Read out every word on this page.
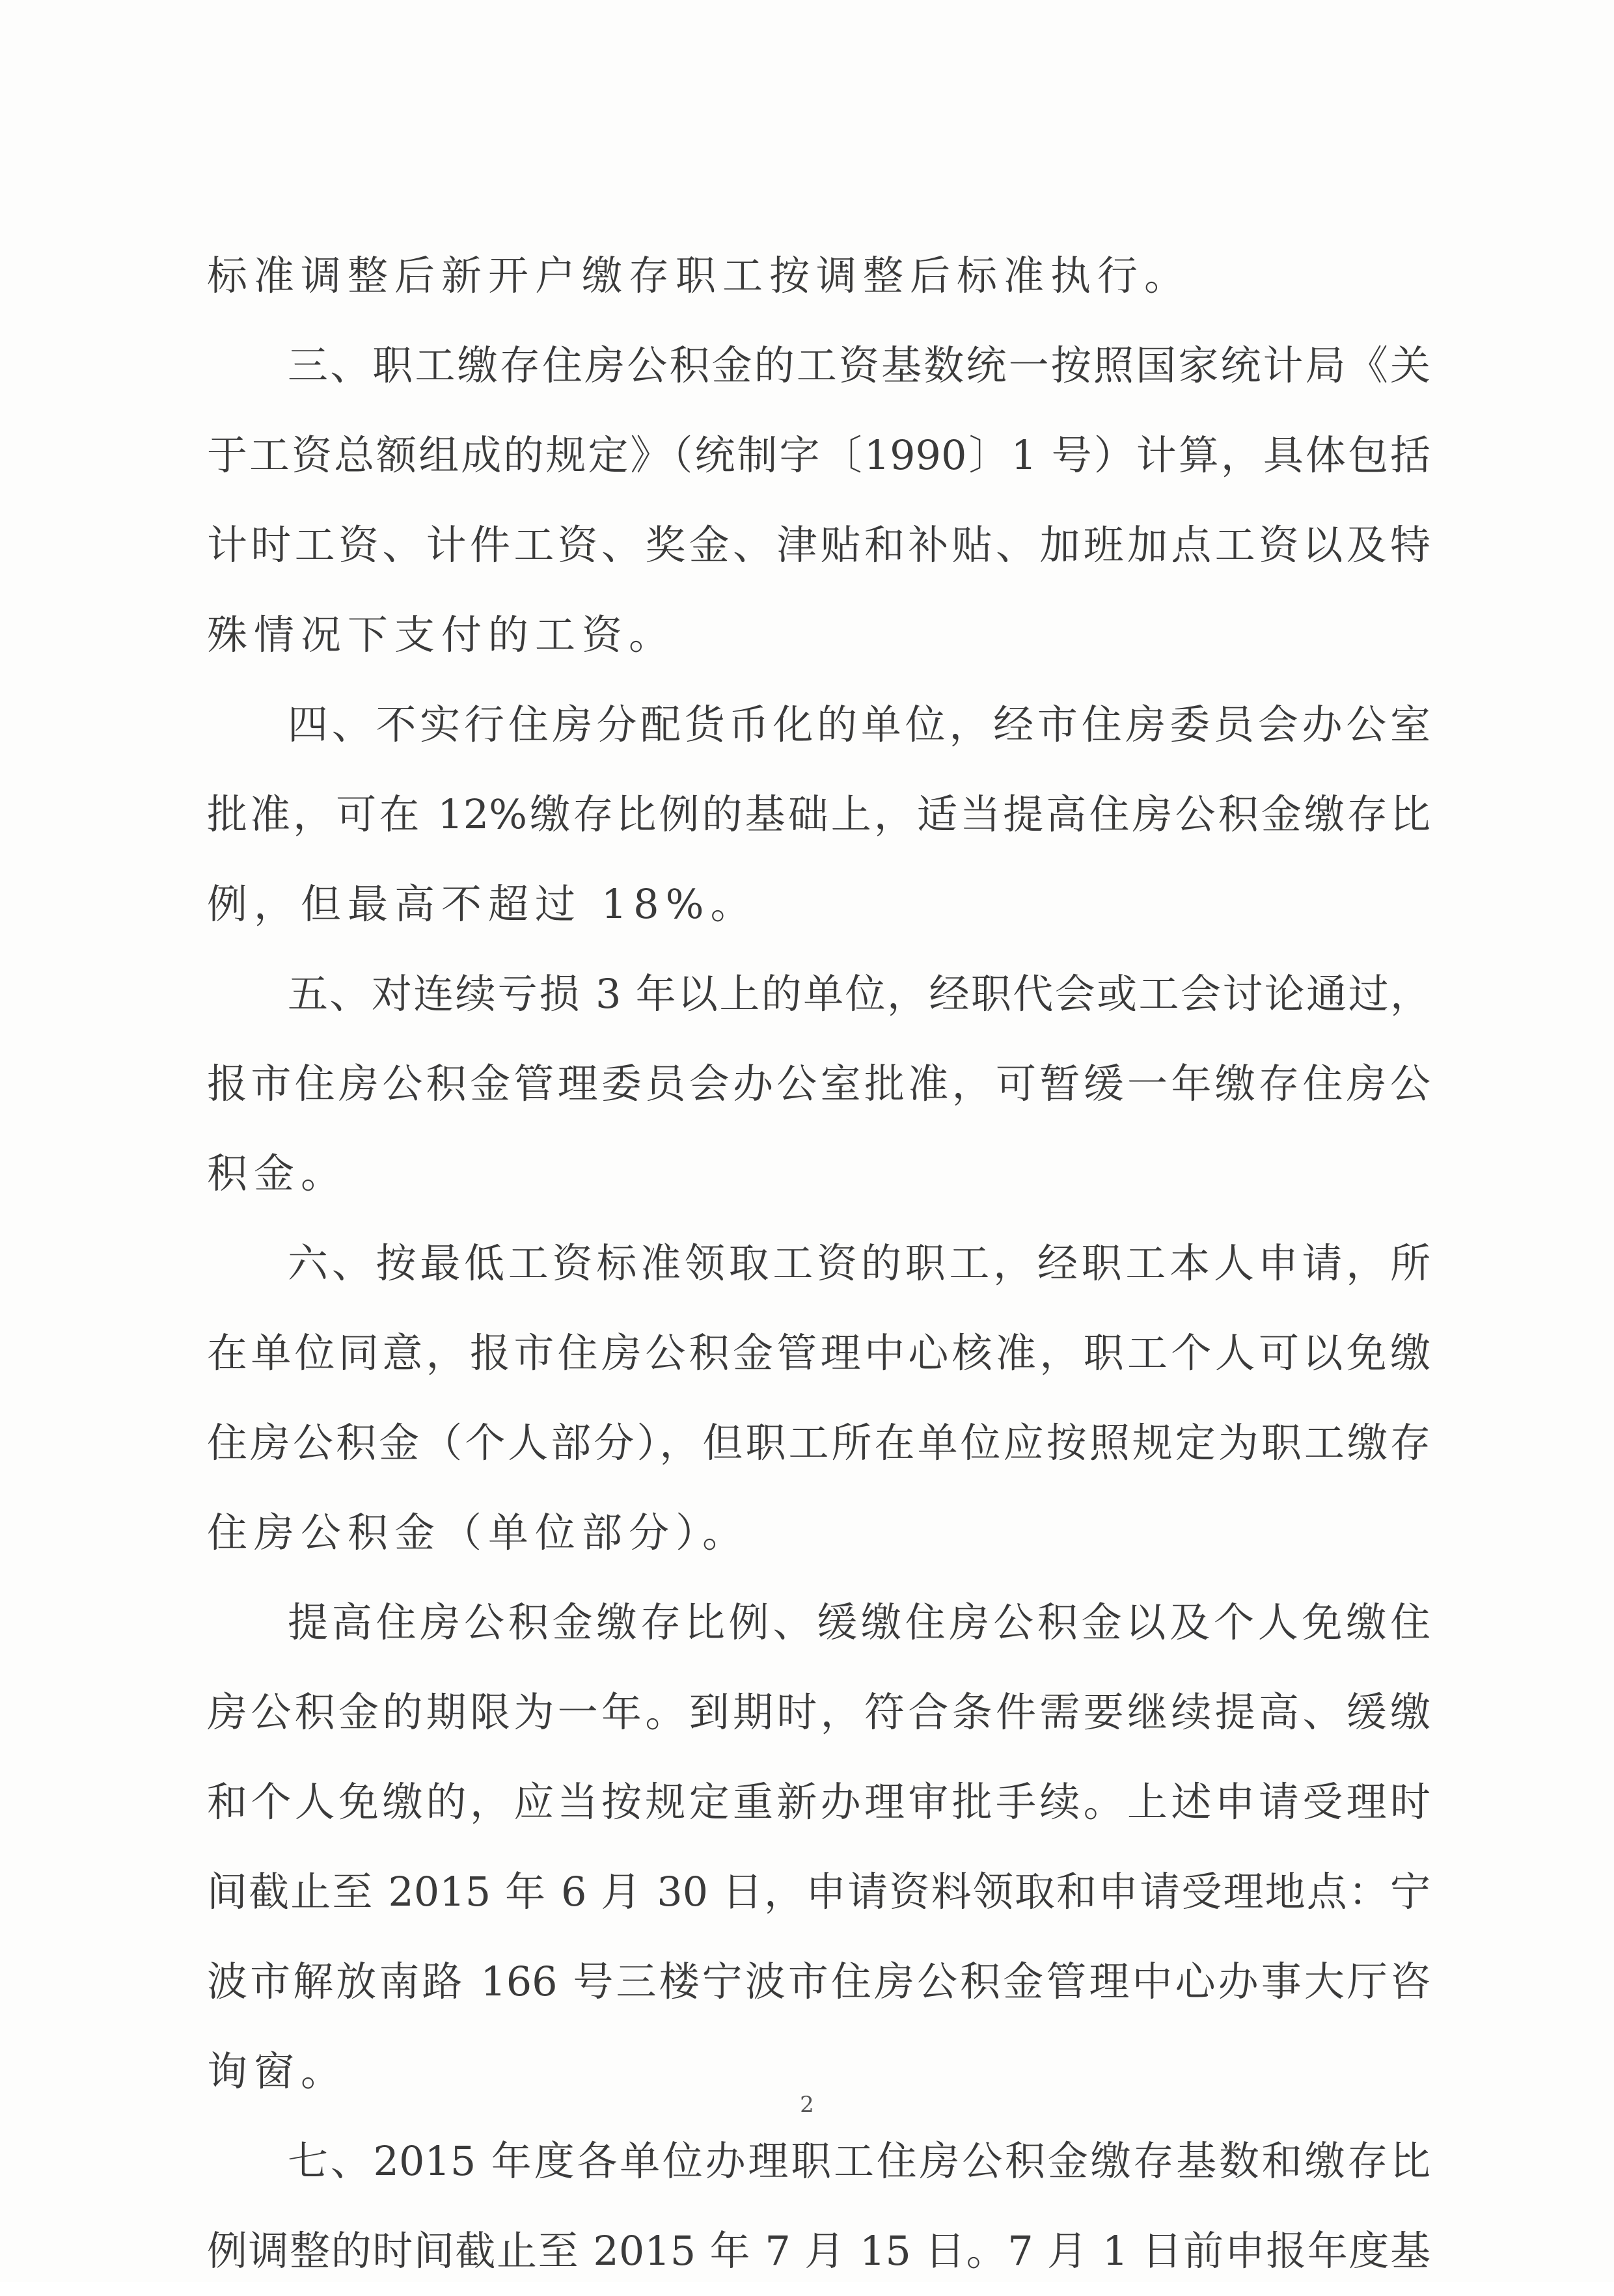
标准调整后新开户缴存职工按调整后标准执行。
三、职工缴存住房公积金的工资基数统一按照国家统计局《关
于工资总额组成的规定》（统制字〔1990〕1 号）计算，具体包括
计时工资、计件工资、奖金、津贴和补贴、加班加点工资以及特
殊情况下支付的工资。
四、不实行住房分配货币化的单位，经市住房委员会办公室
批准，可在 12%缴存比例的基础上，适当提高住房公积金缴存比
例，但最高不超过 18%。
五、对连续亏损 3 年以上的单位，经职代会或工会讨论通过，
报市住房公积金管理委员会办公室批准，可暂缓一年缴存住房公
积金。
六、按最低工资标准领取工资的职工，经职工本人申请，所
在单位同意，报市住房公积金管理中心核准，职工个人可以免缴
住房公积金（个人部分），但职工所在单位应按照规定为职工缴存
住房公积金（单位部分）。
提高住房公积金缴存比例、缓缴住房公积金以及个人免缴住
房公积金的期限为一年。到期时，符合条件需要继续提高、缓缴
和个人免缴的，应当按规定重新办理审批手续。上述申请受理时
间截止至 2015 年 6 月 30 日，申请资料领取和申请受理地点：宁
波市解放南路 166 号三楼宁波市住房公积金管理中心办事大厅咨
询窗。
七、2015 年度各单位办理职工住房公积金缴存基数和缴存比
例调整的时间截止至 2015 年 7 月 15 日。7 月 1 日前申报年度基
2
